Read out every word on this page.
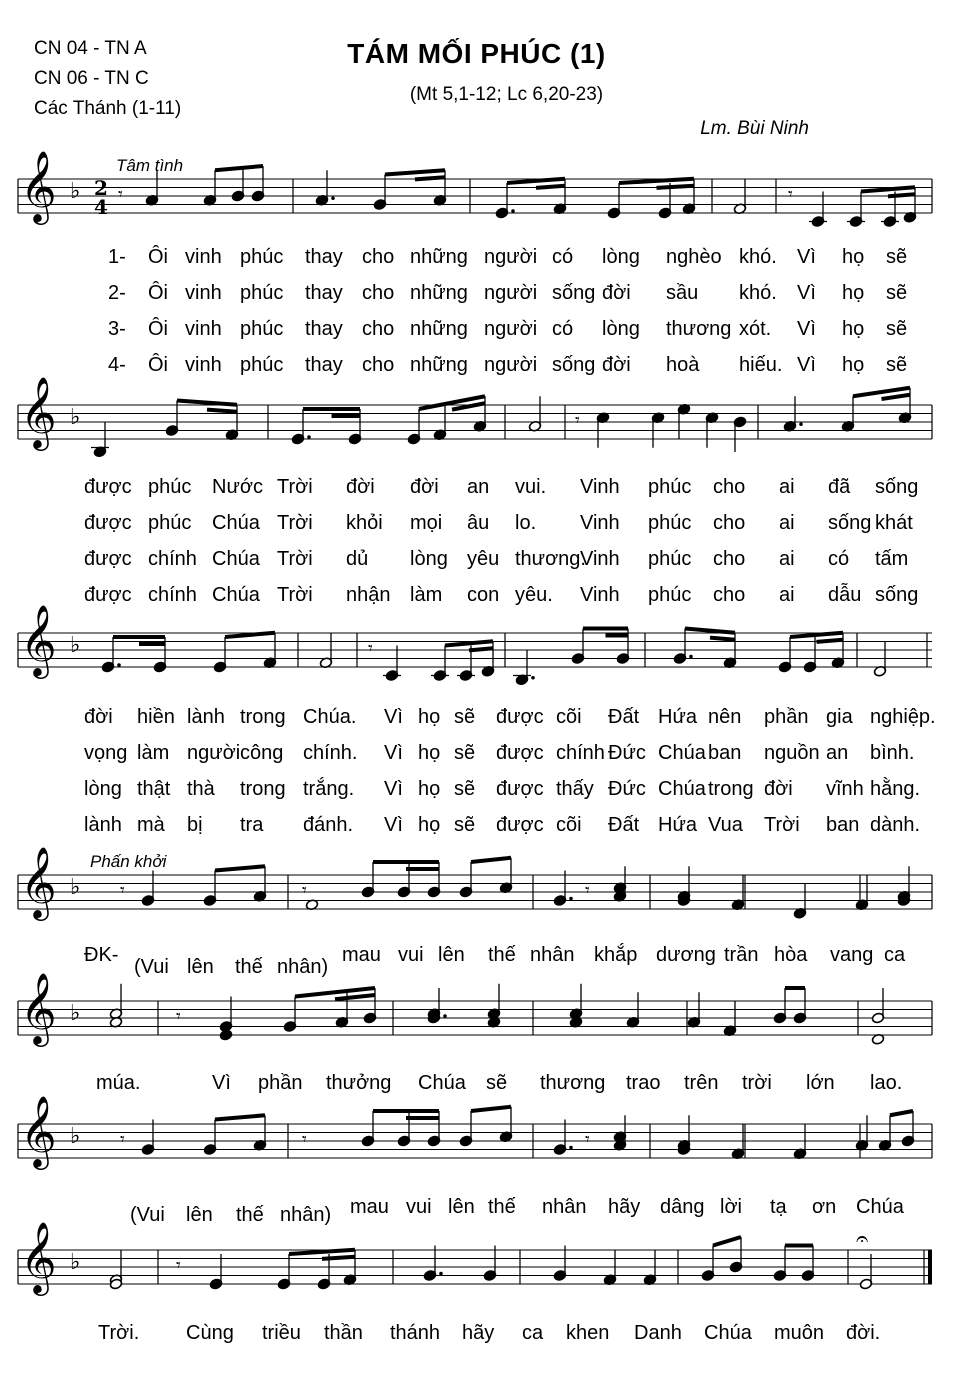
CN 04 - TN A
CN 06 - TN C
Các Thánh (1-11)
TÁM MỐI PHÚC (1)
(Mt 5,1-12; Lc 6,20-23)
Lm. Bùi Ninh
Tâm tình
Phấn khởi
𝄞 ♭ 2
4
𝄞 ♭
𝄞 ♭
𝄞 ♭
𝄞 ♭
𝄞 ♭
𝄞 ♭
𝄾	𝄾
𝄾
𝄾
𝄾	𝄾	𝄾
𝄾
𝄾	𝄾	𝄾
𝄾
𝄐
1- Ôi vinh phúc thay cho những người có lòng nghèo khó. Vì họ sẽ
2- Ôi vinh phúc thay cho những người sống đời sầu khó. Vì họ sẽ
3- Ôi vinh phúc thay cho những người có lòng thương xót. Vì họ sẽ
4- Ôi vinh phúc thay cho những người sống đời hoà hiếu. Vì họ sẽ
được phúc Nước Trời đời đời an vui. Vinh phúc cho ai đã sống
được phúc Chúa Trời khỏi mọi âu lo. Vinh phúc cho ai sống khát
được chính Chúa Trời dủ lòng yêu thương.
Vinh phúc cho ai có tấm
được chính Chúa Trời nhận làm con yêu. Vinh phúc cho ai dẫu sống
đời hiền lành trong Chúa. Vì họ sẽ được cõi Đất Hứa nên phần gia nghiệp.
vọng làm người công chính. Vì họ sẽ được chính Đức Chúa ban nguồn an bình.
lòng thật thà trong trắng. Vì họ sẽ được thấy Đức Chúa trong đời vĩnh hằng.
lành mà bị tra đánh. Vì họ sẽ được cõi Đất Hứa Vua Trời ban dành.
ĐK-
(Vui lên thế nhân)
mau vui lên thế nhân khắp dương trần hòa vang ca
múa.	Vì phần thưởng Chúa sẽ thương trao trên trời lớn lao.
(Vui lên thế nhân) mau vui lên thế nhân hãy dâng lời tạ ơn Chúa
Trời. Cùng triều thần thánh hãy ca khen Danh Chúa muôn đời.
